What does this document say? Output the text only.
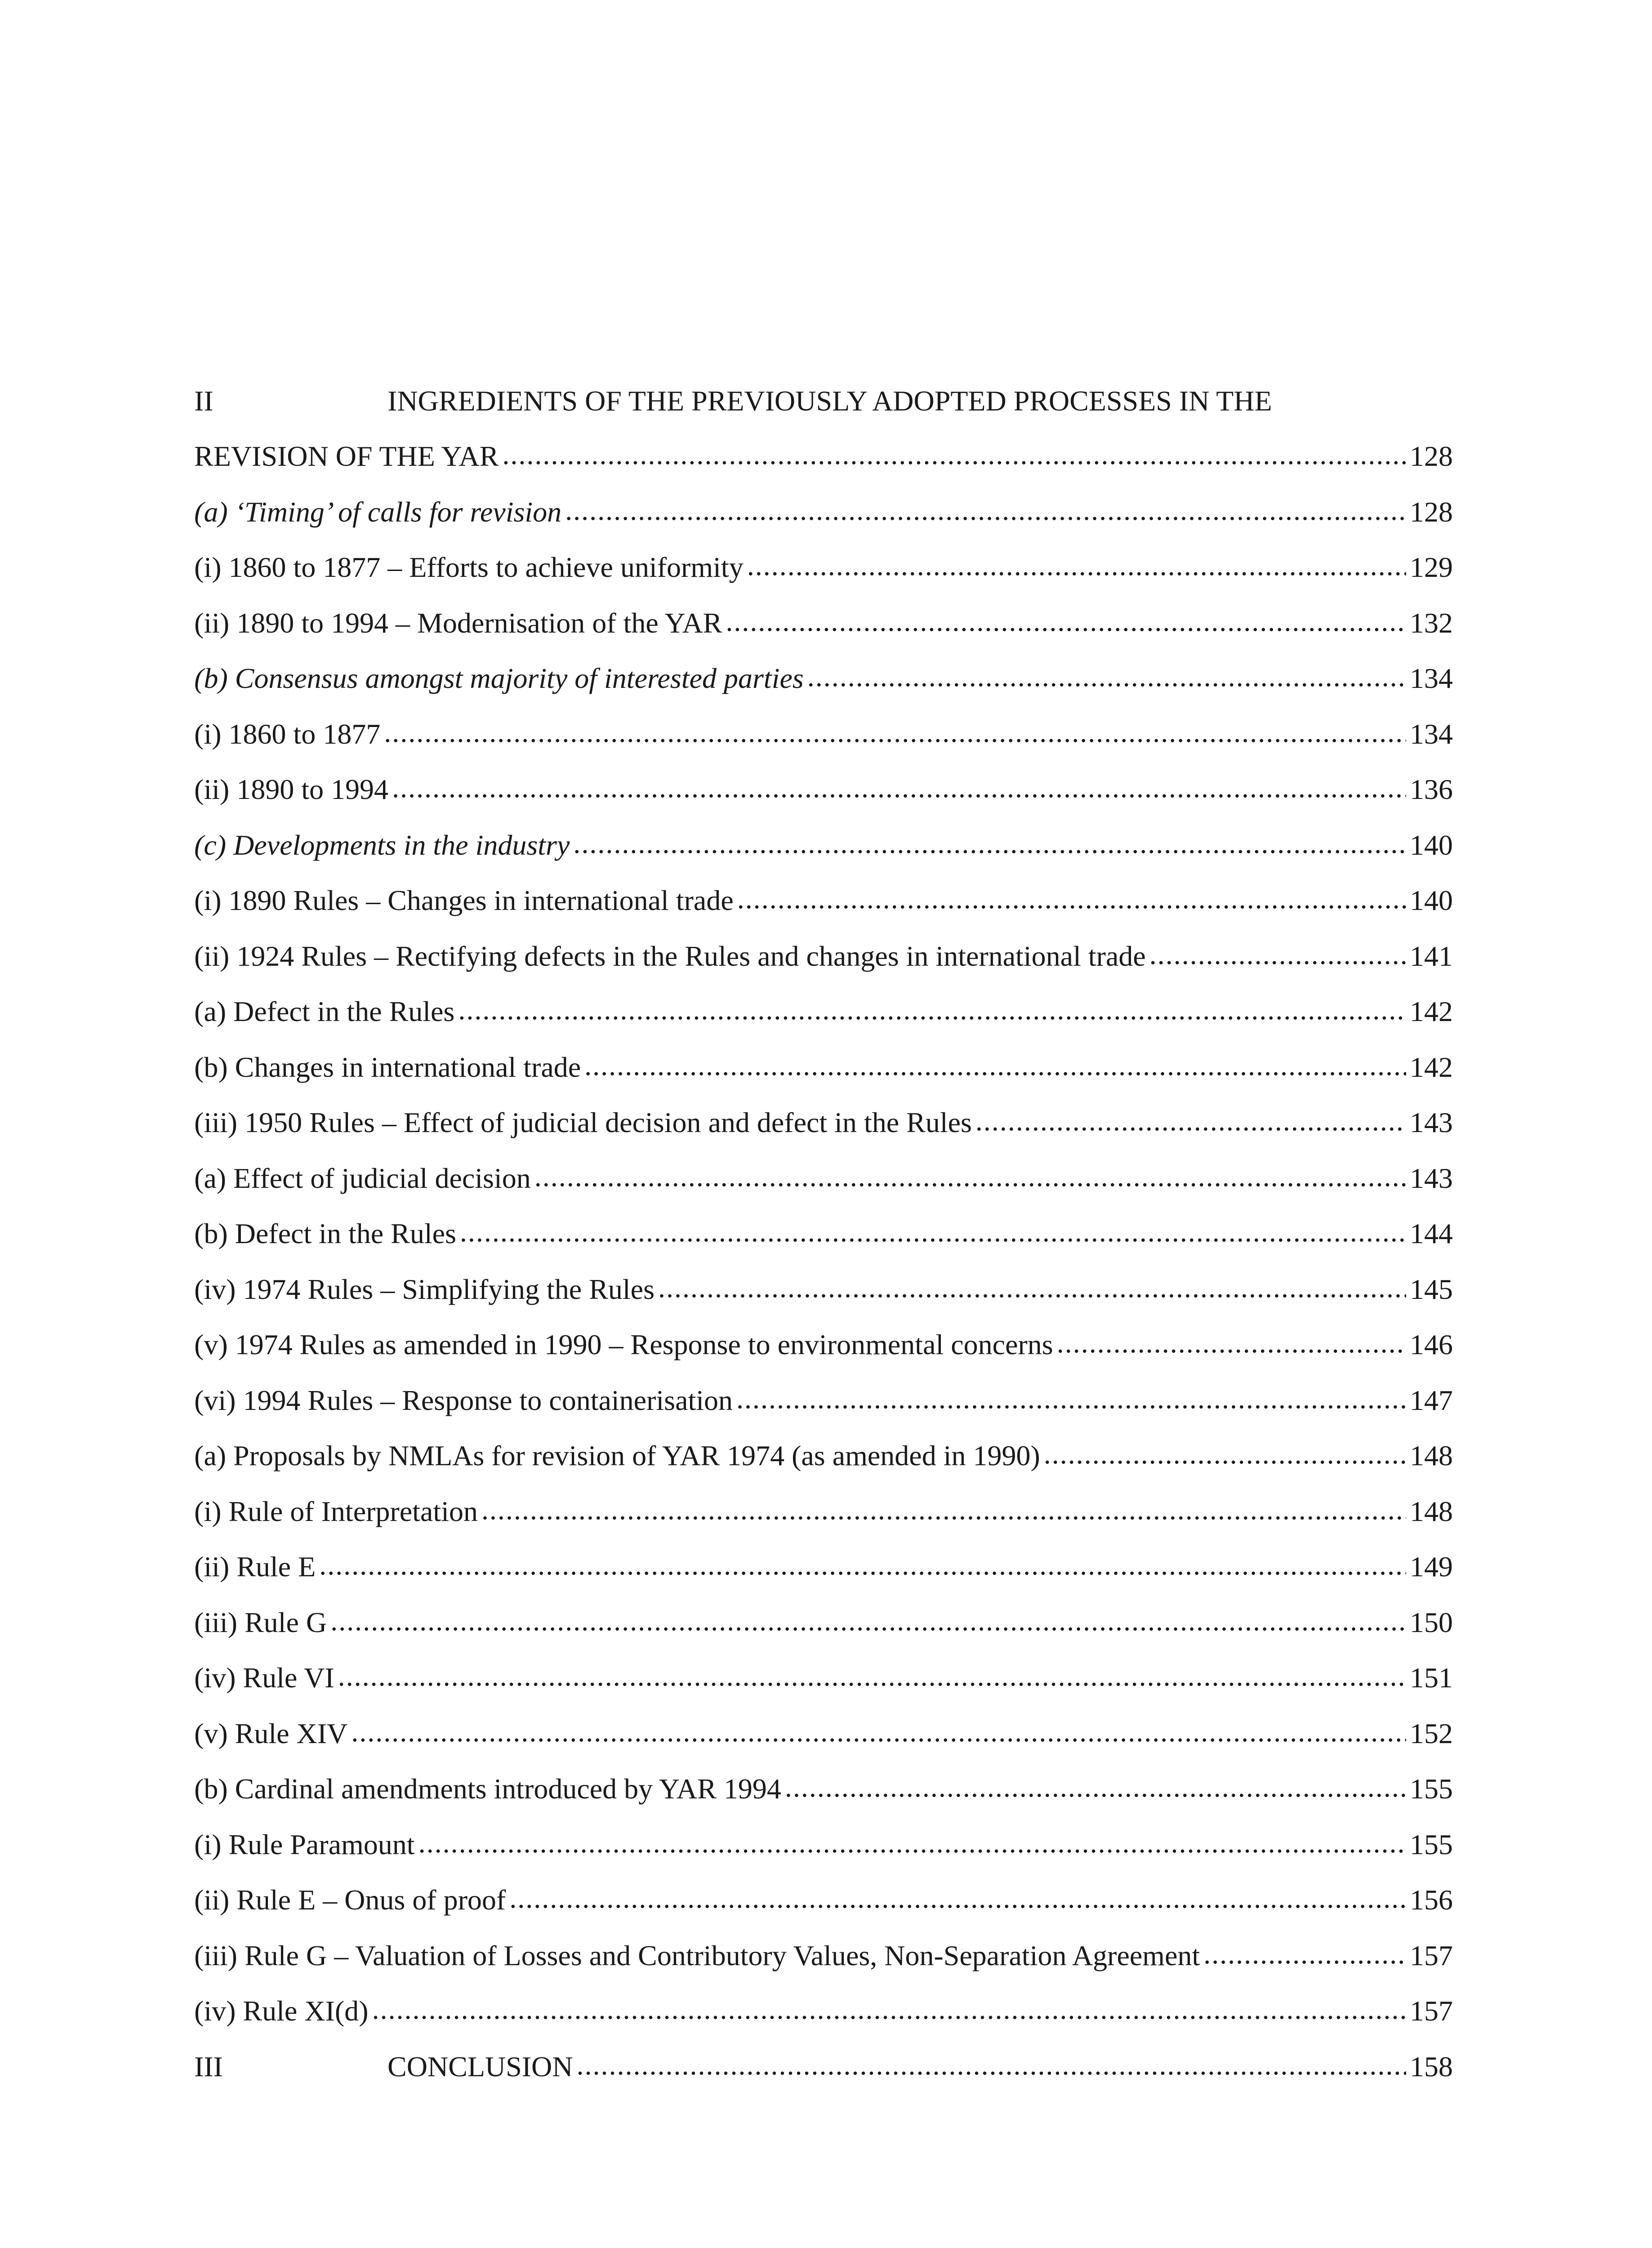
II	INGREDIENTS OF THE PREVIOUSLY ADOPTED PROCESSES IN THE
REVISION OF THE YAR .....	128
(a) ‘Timing’ of calls for revision .....	128
(i) 1860 to 1877 – Efforts to achieve uniformity .....	129
(ii) 1890 to 1994 – Modernisation of the YAR .....	132
(b) Consensus amongst majority of interested parties .....	134
(i) 1860 to 1877 .....	134
(ii) 1890 to 1994 .....	136
(c) Developments in the industry .....	140
(i) 1890 Rules – Changes in international trade .....	140
(ii) 1924 Rules – Rectifying defects in the Rules and changes in international trade .....	141
(a) Defect in the Rules .....	142
(b) Changes in international trade .....	142
(iii) 1950 Rules – Effect of judicial decision and defect in the Rules .....	143
(a) Effect of judicial decision .....	143
(b) Defect in the Rules .....	144
(iv) 1974 Rules – Simplifying the Rules .....	145
(v) 1974 Rules as amended in 1990 – Response to environmental concerns .....	146
(vi) 1994 Rules – Response to containerisation .....	147
(a) Proposals by NMLAs for revision of YAR 1974 (as amended in 1990) .....	148
(i) Rule of Interpretation .....	148
(ii) Rule E .....	149
(iii) Rule G .....	150
(iv) Rule VI .....	151
(v) Rule XIV .....	152
(b) Cardinal amendments introduced by YAR 1994 .....	155
(i) Rule Paramount .....	155
(ii) Rule E – Onus of proof .....	156
(iii) Rule G – Valuation of Losses and Contributory Values, Non-Separation Agreement .....	157
(iv) Rule XI(d) .....	157
III	CONCLUSION .....	158
